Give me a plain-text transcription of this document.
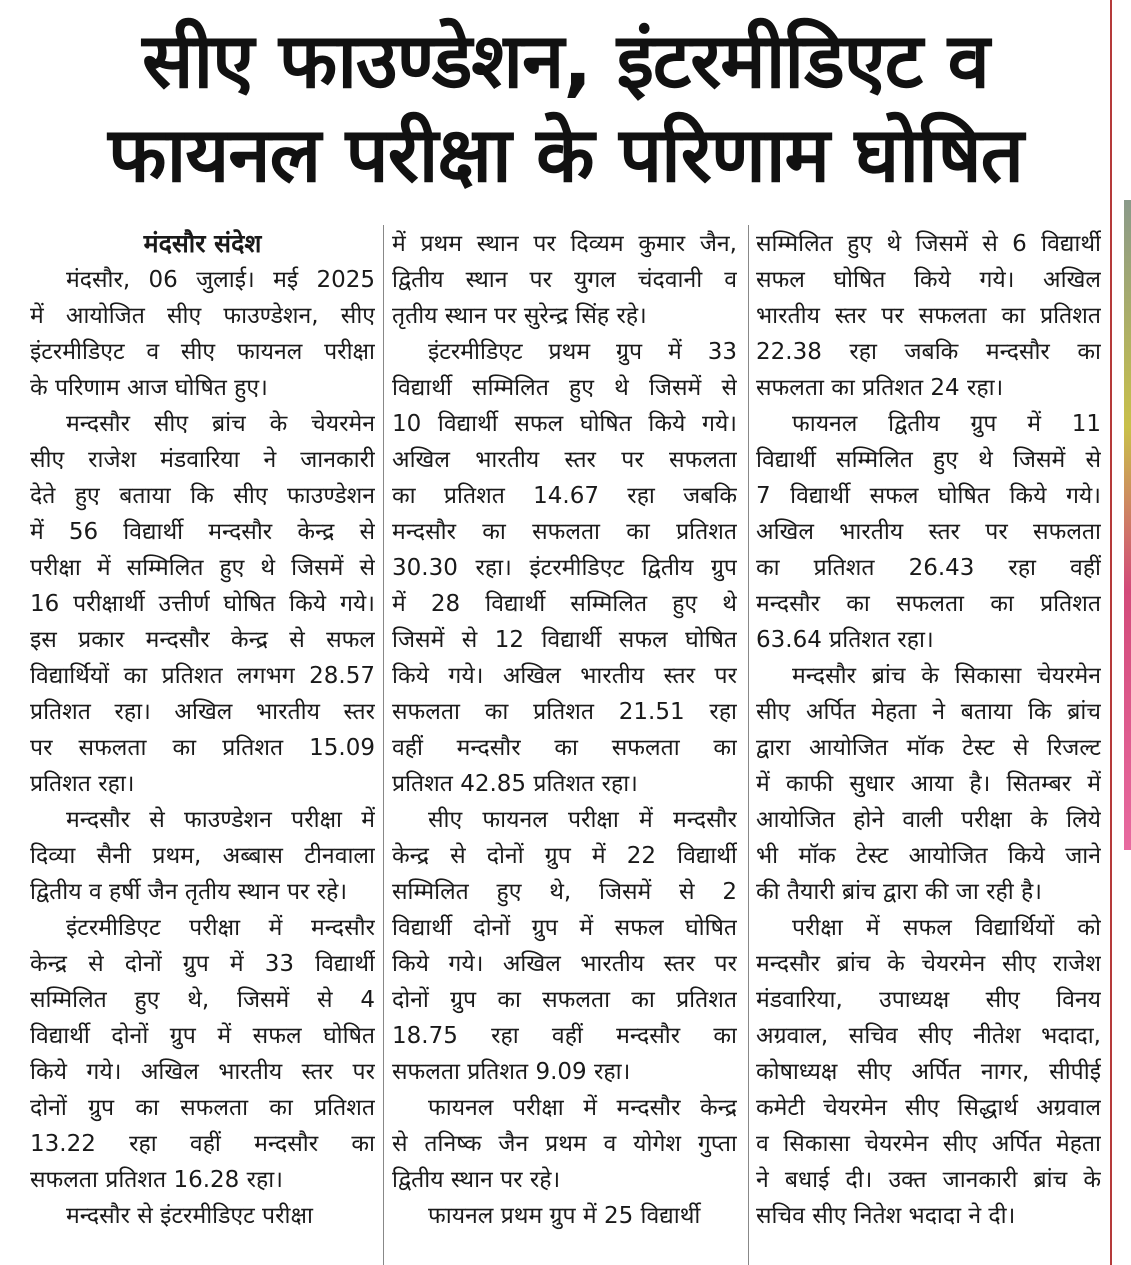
सीए फाउण्डेशन, इंटरमीडिएट व
फायनल परीक्षा के परिणाम घोषित
मंदसौर संदेश
मंदसौर, 06 जुलाई। मई 2025
में आयोजित सीए फाउण्डेशन, सीए
इंटरमीडिएट व सीए फायनल परीक्षा
के परिणाम आज घोषित हुए।
मन्दसौर सीए ब्रांच के चेयरमेन
सीए राजेश मंडवारिया ने जानकारी
देते हुए बताया कि सीए फाउण्डेशन
में 56 विद्यार्थी मन्दसौर केन्द्र से
परीक्षा में सम्मिलित हुए थे जिसमें से
16 परीक्षार्थी उत्तीर्ण घोषित किये गये।
इस प्रकार मन्दसौर केन्द्र से सफल
विद्यार्थियों का प्रतिशत लगभग 28.57
प्रतिशत रहा। अखिल भारतीय स्तर
पर सफलता का प्रतिशत 15.09
प्रतिशत रहा।
मन्दसौर से फाउण्डेशन परीक्षा में
दिव्या सैनी प्रथम, अब्बास टीनवाला
द्वितीय व हर्षी जैन तृतीय स्थान पर रहे।
इंटरमीडिएट परीक्षा में मन्दसौर
केन्द्र से दोनों ग्रुप में 33 विद्यार्थी
सम्मिलित हुए थे, जिसमें से 4
विद्यार्थी दोनों ग्रुप में सफल घोषित
किये गये। अखिल भारतीय स्तर पर
दोनों ग्रुप का सफलता का प्रतिशत
13.22 रहा वहीं मन्दसौर का
सफलता प्रतिशत 16.28 रहा।
मन्दसौर से इंटरमीडिएट परीक्षा
में प्रथम स्थान पर दिव्यम कुमार जैन,
द्वितीय स्थान पर युगल चंदवानी व
तृतीय स्थान पर सुरेन्द्र सिंह रहे।
इंटरमीडिएट प्रथम ग्रुप में 33
विद्यार्थी सम्मिलित हुए थे जिसमें से
10 विद्यार्थी सफल घोषित किये गये।
अखिल भारतीय स्तर पर सफलता
का प्रतिशत 14.67 रहा जबकि
मन्दसौर का सफलता का प्रतिशत
30.30 रहा। इंटरमीडिएट द्वितीय ग्रुप
में 28 विद्यार्थी सम्मिलित हुए थे
जिसमें से 12 विद्यार्थी सफल घोषित
किये गये। अखिल भारतीय स्तर पर
सफलता का प्रतिशत 21.51 रहा
वहीं मन्दसौर का सफलता का
प्रतिशत 42.85 प्रतिशत रहा।
सीए फायनल परीक्षा में मन्दसौर
केन्द्र से दोनों ग्रुप में 22 विद्यार्थी
सम्मिलित हुए थे, जिसमें से 2
विद्यार्थी दोनों ग्रुप में सफल घोषित
किये गये। अखिल भारतीय स्तर पर
दोनों ग्रुप का सफलता का प्रतिशत
18.75 रहा वहीं मन्दसौर का
सफलता प्रतिशत 9.09 रहा।
फायनल परीक्षा में मन्दसौर केन्द्र
से तनिष्क जैन प्रथम व योगेश गुप्ता
द्वितीय स्थान पर रहे।
फायनल प्रथम ग्रुप में 25 विद्यार्थी
सम्मिलित हुए थे जिसमें से 6 विद्यार्थी
सफल घोषित किये गये। अखिल
भारतीय स्तर पर सफलता का प्रतिशत
22.38 रहा जबकि मन्दसौर का
सफलता का प्रतिशत 24 रहा।
फायनल द्वितीय ग्रुप में 11
विद्यार्थी सम्मिलित हुए थे जिसमें से
7 विद्यार्थी सफल घोषित किये गये।
अखिल भारतीय स्तर पर सफलता
का प्रतिशत 26.43 रहा वहीं
मन्दसौर का सफलता का प्रतिशत
63.64 प्रतिशत रहा।
मन्दसौर ब्रांच के सिकासा चेयरमेन
सीए अर्पित मेहता ने बताया कि ब्रांच
द्वारा आयोजित मॉक टेस्ट से रिजल्ट
में काफी सुधार आया है। सितम्बर में
आयोजित होने वाली परीक्षा के लिये
भी मॉक टेस्ट आयोजित किये जाने
की तैयारी ब्रांच द्वारा की जा रही है।
परीक्षा में सफल विद्यार्थियों को
मन्दसौर ब्रांच के चेयरमेन सीए राजेश
मंडवारिया, उपाध्यक्ष सीए विनय
अग्रवाल, सचिव सीए नीतेश भदादा,
कोषाध्यक्ष सीए अर्पित नागर, सीपीई
कमेटी चेयरमेन सीए सिद्धार्थ अग्रवाल
व सिकासा चेयरमेन सीए अर्पित मेहता
ने बधाई दी। उक्त जानकारी ब्रांच के
सचिव सीए नितेश भदादा ने दी।
